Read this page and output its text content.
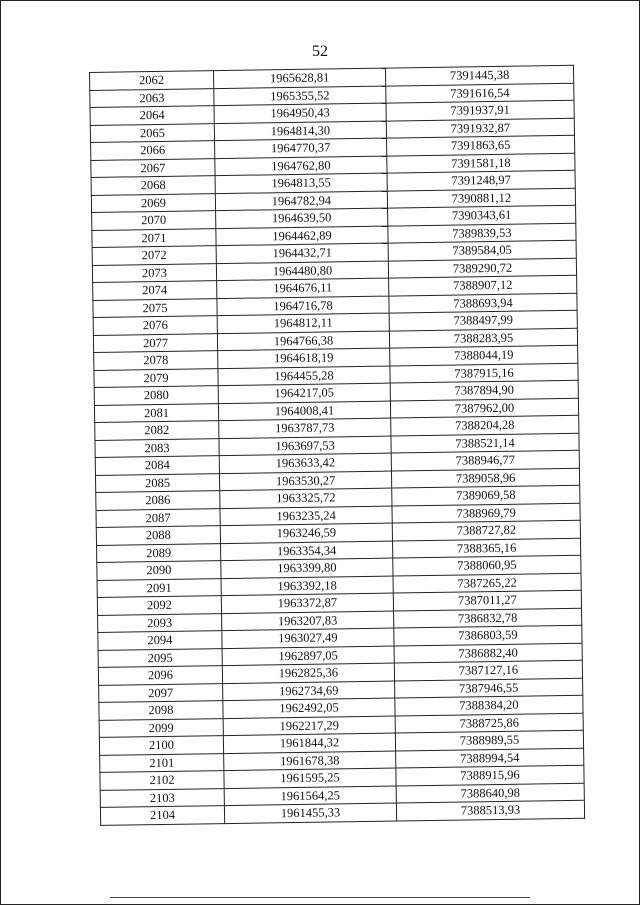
52
2062	1965628,81	7391445,38
2063	1965355,52	7391616,54
2064	1964950,43	7391937,91
2065	1964814,30	7391932,87
2066	1964770,37	7391863,65
2067	1964762,80	7391581,18
2068	1964813,55	7391248,97
2069	1964782,94	7390881,12
2070	1964639,50	7390343,61
2071	1964462,89	7389839,53
2072	1964432,71	7389584,05
2073	1964480,80	7389290,72
2074	1964676,11	7388907,12
2075	1964716,78	7388693,94
2076	1964812,11	7388497,99
2077	1964766,38	7388283,95
2078	1964618,19	7388044,19
2079	1964455,28	7387915,16
2080	1964217,05	7387894,90
2081	1964008,41	7387962,00
2082	1963787,73	7388204,28
2083	1963697,53	7388521,14
2084	1963633,42	7388946,77
2085	1963530,27	7389058,96
2086	1963325,72	7389069,58
2087	1963235,24	7388969,79
2088	1963246,59	7388727,82
2089	1963354,34	7388365,16
2090	1963399,80	7388060,95
2091	1963392,18	7387265,22
2092	1963372,87	7387011,27
2093	1963207,83	7386832,78
2094	1963027,49	7386803,59
2095	1962897,05	7386882,40
2096	1962825,36	7387127,16
2097	1962734,69	7387946,55
2098	1962492,05	7388384,20
2099	1962217,29	7388725,86
2100	1961844,32	7388989,55
2101	1961678,38	7388994,54
2102	1961595,25	7388915,96
2103	1961564,25	7388640,98
2104	1961455,33	7388513,93
